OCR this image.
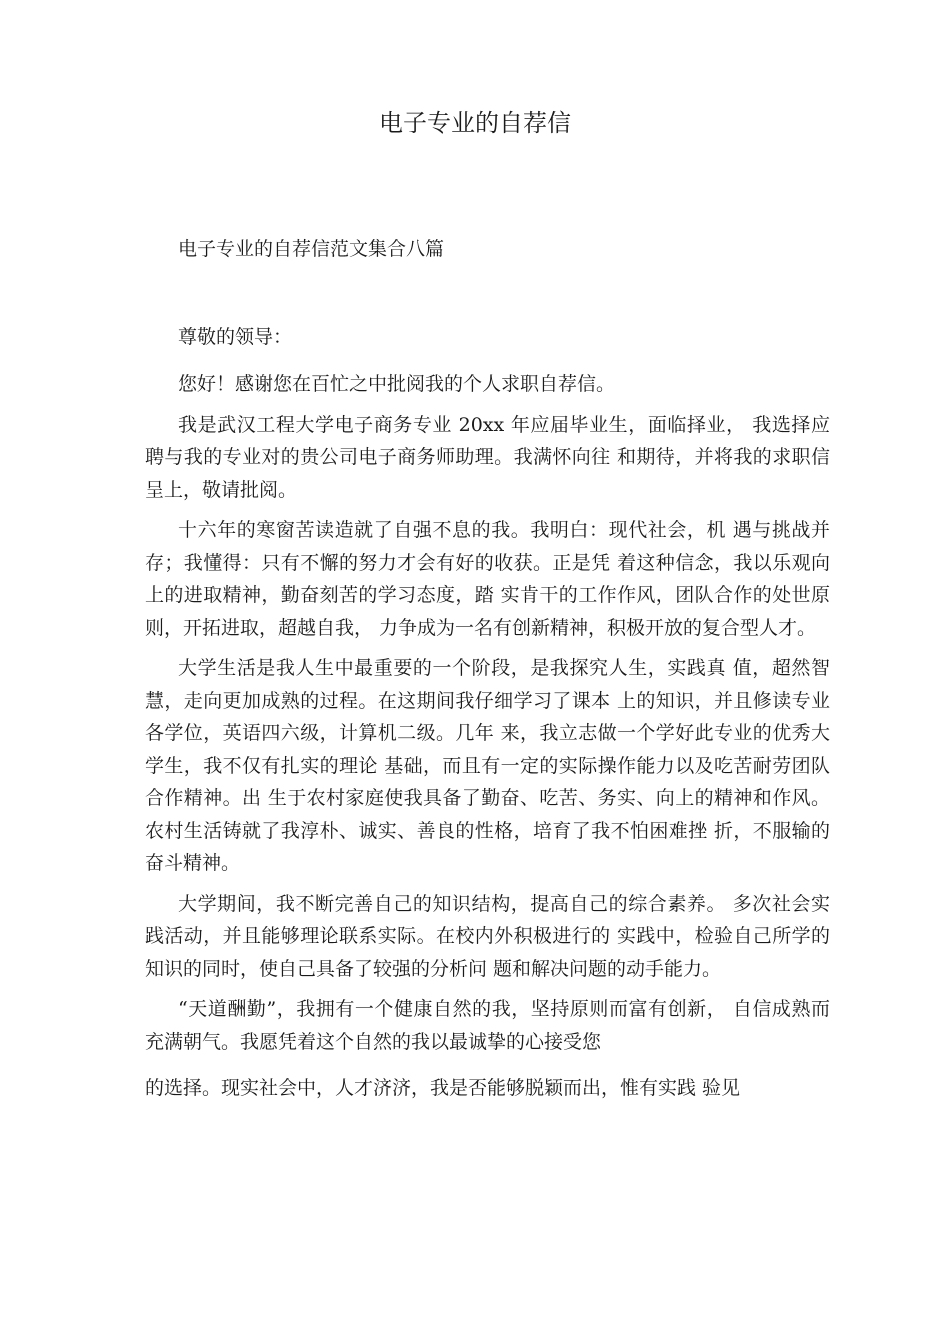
电子专业的自荐信

电子专业的自荐信范文集合八篇

尊敬的领导：

您好！感谢您在百忙之中批阅我的个人求职自荐信。

我是武汉工程大学电子商务专业 20xx 年应届毕业生，面临择业， 我选择应聘与我的专业对的贵公司电子商务师助理。我满怀向往 和期待，并将我的求职信呈上，敬请批阅。

十六年的寒窗苦读造就了自强不息的我。我明白：现代社会，机 遇与挑战并存；我懂得：只有不懈的努力才会有好的收获。正是凭 着这种信念，我以乐观向上的进取精神，勤奋刻苦的学习态度，踏 实肯干的工作作风，团队合作的处世原则，开拓进取，超越自我， 力争成为一名有创新精神，积极开放的复合型人才。

大学生活是我人生中最重要的一个阶段，是我探究人生，实践真 值，超然智慧，走向更加成熟的过程。在这期间我仔细学习了课本 上的知识，并且修读专业各学位，英语四六级，计算机二级。几年 来，我立志做一个学好此专业的优秀大学生，我不仅有扎实的理论 基础，而且有一定的实际操作能力以及吃苦耐劳团队合作精神。出 生于农村家庭使我具备了勤奋、吃苦、务实、向上的精神和作风。 农村生活铸就了我淳朴、诚实、善良的性格，培育了我不怕困难挫 折，不服输的奋斗精神。

大学期间，我不断完善自己的知识结构，提高自己的综合素养。 多次社会实践活动，并且能够理论联系实际。在校内外积极进行的 实践中，检验自己所学的知识的同时，使自己具备了较强的分析问 题和解决问题的动手能力。

“天道酬勤”，我拥有一个健康自然的我，坚持原则而富有创新， 自信成熟而充满朝气。我愿凭着这个自然的我以最诚挚的心接受您

的选择。现实社会中，人才济济，我是否能够脱颖而出，惟有实践 验见
